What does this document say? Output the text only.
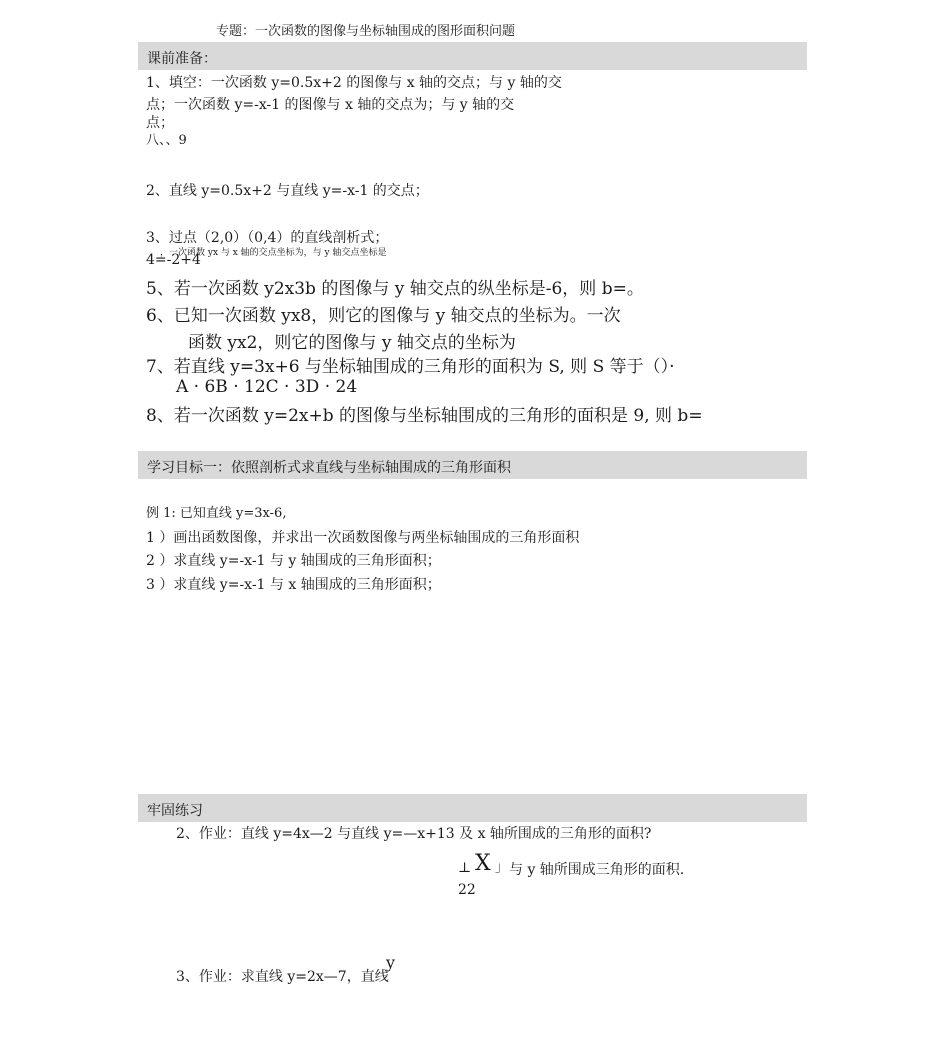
专题：一次函数的图像与坐标轴围成的图形面积问题
课前准备：
1、填空：一次函数 y=0.5x+2 的图像与 x 轴的交点；与 y 轴的交
点；一次函数 y=-x-1 的图像与 x 轴的交点为；与 y 轴的交
点；
八、、9
2、直线 y=0.5x+2 与直线 y=-x-1 的交点；
3、过点（2,0）（0,4）的直线剖析式；
，一次函数 yx 与 x 轴的交点坐标为，与 y 轴交点坐标是
4=-2+4
5、若一次函数 y2x3b 的图像与 y 轴交点的纵坐标是-6，则 b=。
6、已知一次函数 yx8，则它的图像与 y 轴交点的坐标为。一次
函数 yx2，则它的图像与 y 轴交点的坐标为
7、若直线 y=3x+6 与坐标轴围成的三角形的面积为 S, 则 S 等于（）·
A · 6B · 12C · 3D · 24
8、若一次函数 y=2x+b 的图像与坐标轴围成的三角形的面积是 9, 则 b=
学习目标一：依照剖析式求直线与坐标轴围成的三角形面积
例 1: 已知直线 y=3x-6,
1 ）画出函数图像，并求出一次函数图像与两坐标轴围成的三角形面积
2 ）求直线 y=-x-1 与 y 轴围成的三角形面积；
3 ）求直线 y=-x-1 与 x 轴围成的三角形面积；
牢固练习
2、作业：直线 y=4x—2 与直线 y=—x+13 及 x 轴所围成的三角形的面积?
⊥ X 」 与 y 轴所围成三角形的面积.
22
3、作业：求直线 y=2x—7，直线
y
